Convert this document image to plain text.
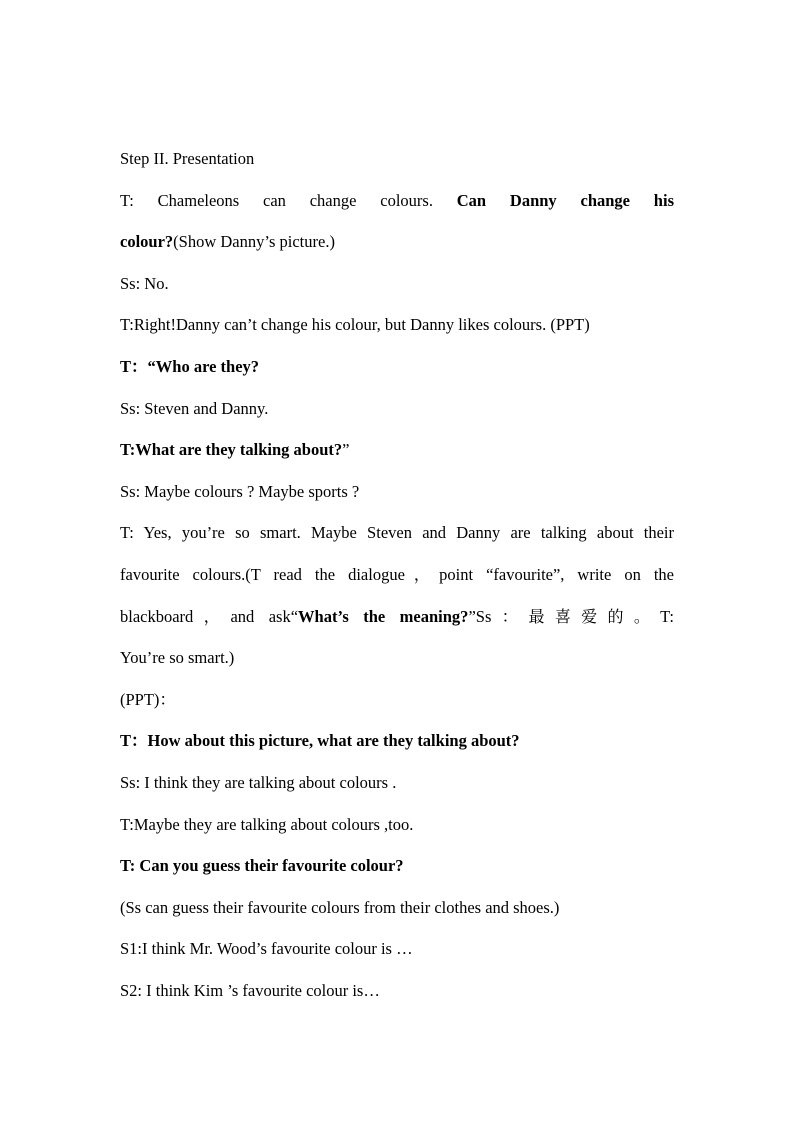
Step II. Presentation
T: Chameleons can change colours. Can Danny change his
colour?(Show Danny’s picture.)
Ss: No.
T:Right!Danny can’t change his colour, but Danny likes colours. (PPT)
T：“Who are they?
Ss: Steven and Danny.
T:What are they talking about?”
Ss: Maybe colours ? Maybe sports ?
T: Yes, you’re so smart. Maybe Steven and Danny are talking about their
favourite colours.(T read the dialogue，point “favourite”, write on the
blackboard，and ask“What’s the meaning?”Ss：最喜爱的。T:
You’re so smart.)
(PPT)：
T：How about this picture, what are they talking about?
Ss: I think they are talking about colours .
T:Maybe they are talking about colours ,too.
T: Can you guess their favourite colour?
(Ss can guess their favourite colours from their clothes and shoes.)
S1:I think Mr. Wood’s favourite colour is …
S2: I think Kim ’s favourite colour is…
